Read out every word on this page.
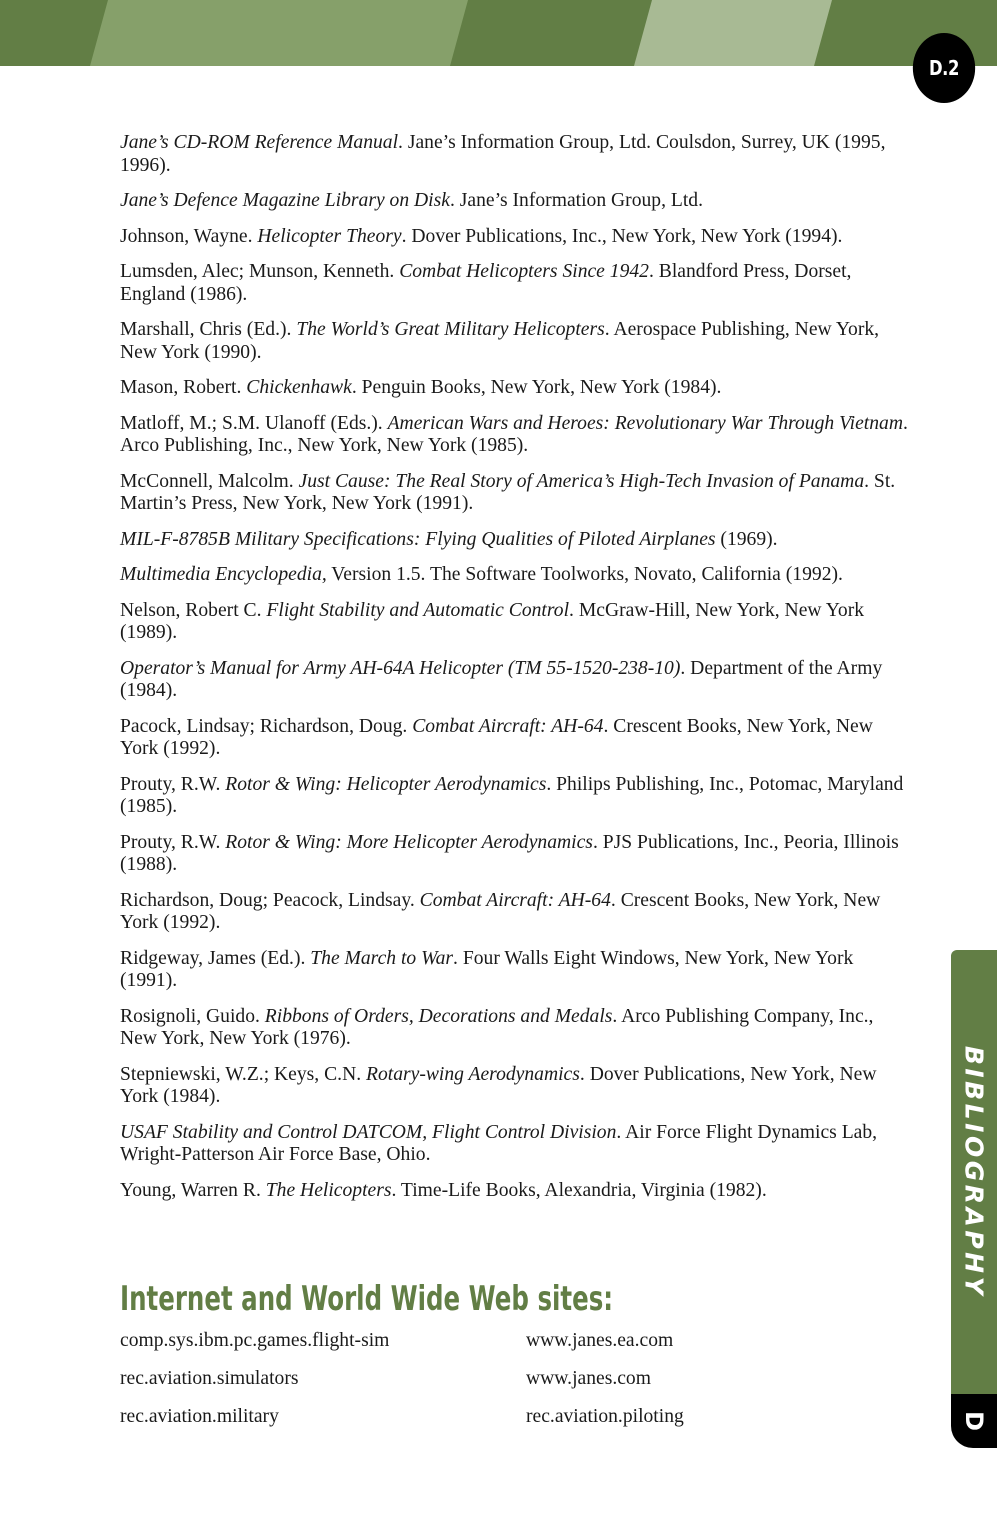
D.2
Jane’s CD-ROM Reference Manual. Jane’s Information Group, Ltd. Coulsdon, Surrey, UK (1995, 1996).
Jane’s Defence Magazine Library on Disk. Jane’s Information Group, Ltd.
Johnson, Wayne. Helicopter Theory. Dover Publications, Inc., New York, New York (1994).
Lumsden, Alec; Munson, Kenneth. Combat Helicopters Since 1942. Blandford Press, Dorset, England (1986).
Marshall, Chris (Ed.). The World’s Great Military Helicopters. Aerospace Publishing, New York, New York (1990).
Mason, Robert. Chickenhawk. Penguin Books, New York, New York (1984).
Matloff, M.; S.M. Ulanoff (Eds.). American Wars and Heroes: Revolutionary War Through Vietnam. Arco Publishing, Inc., New York, New York (1985).
McConnell, Malcolm. Just Cause: The Real Story of America’s High-Tech Invasion of Panama. St. Martin’s Press, New York, New York (1991).
MIL-F-8785B Military Specifications: Flying Qualities of Piloted Airplanes (1969).
Multimedia Encyclopedia, Version 1.5. The Software Toolworks, Novato, California (1992).
Nelson, Robert C. Flight Stability and Automatic Control. McGraw-Hill, New York, New York (1989).
Operator’s Manual for Army AH-64A Helicopter (TM 55-1520-238-10). Department of the Army (1984).
Pacock, Lindsay; Richardson, Doug. Combat Aircraft: AH-64. Crescent Books, New York, New York (1992).
Prouty, R.W. Rotor & Wing: Helicopter Aerodynamics. Philips Publishing, Inc., Potomac, Maryland (1985).
Prouty, R.W. Rotor & Wing: More Helicopter Aerodynamics. PJS Publications, Inc., Peoria, Illinois (1988).
Richardson, Doug; Peacock, Lindsay. Combat Aircraft: AH-64. Crescent Books, New York, New York (1992).
Ridgeway, James (Ed.). The March to War. Four Walls Eight Windows, New York, New York (1991).
Rosignoli, Guido. Ribbons of Orders, Decorations and Medals. Arco Publishing Company, Inc., New York, New York (1976).
Stepniewski, W.Z.; Keys, C.N. Rotary-wing Aerodynamics. Dover Publications, New York, New York (1984).
USAF Stability and Control DATCOM, Flight Control Division. Air Force Flight Dynamics Lab, Wright-Patterson Air Force Base, Ohio.
Young, Warren R. The Helicopters. Time-Life Books, Alexandria, Virginia (1982).
Internet and World Wide Web sites:
comp.sys.ibm.pc.games.flight-sim	www.janes.ea.com
rec.aviation.simulators	www.janes.com
rec.aviation.military	rec.aviation.piloting
BIBLIOGRAPHY
D
